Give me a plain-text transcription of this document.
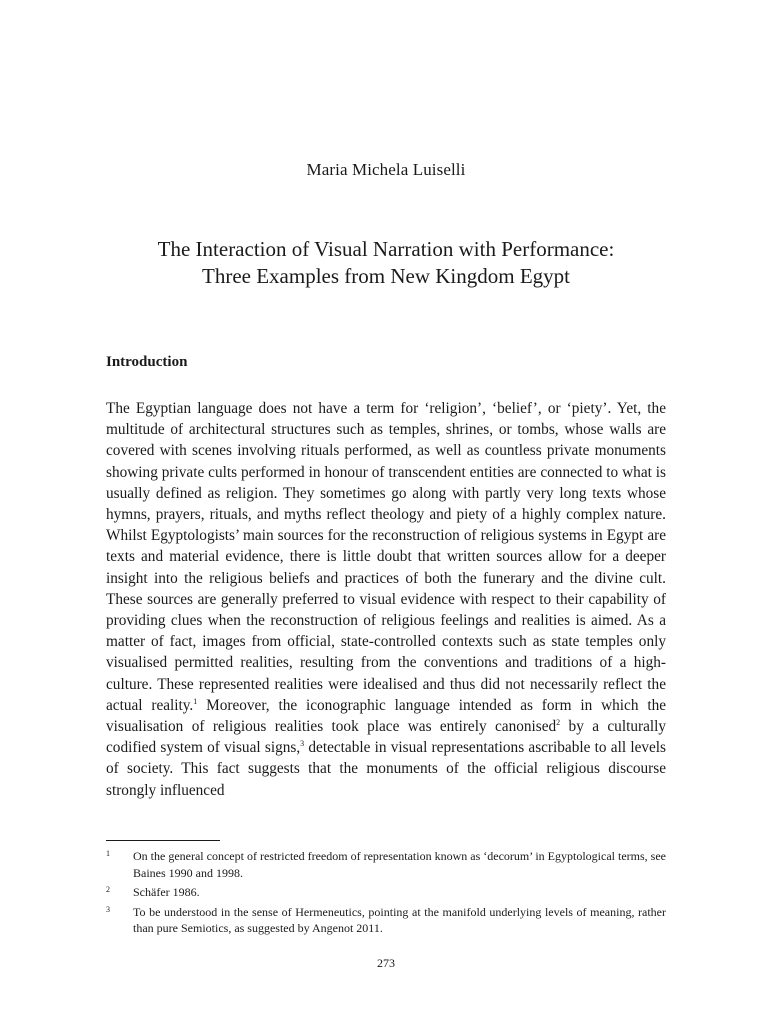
Maria Michela Luiselli
The Interaction of Visual Narration with Performance:
Three Examples from New Kingdom Egypt
Introduction
The Egyptian language does not have a term for ‘religion’, ‘belief’, or ‘piety’. Yet, the multitude of architectural structures such as temples, shrines, or tombs, whose walls are covered with scenes involving rituals performed, as well as countless private monuments showing private cults performed in honour of transcendent entities are connected to what is usually defined as religion. They sometimes go along with partly very long texts whose hymns, prayers, rituals, and myths reflect theology and piety of a highly complex nature. Whilst Egyptologists’ main sources for the reconstruction of religious systems in Egypt are texts and material evidence, there is little doubt that written sources allow for a deeper insight into the religious beliefs and practices of both the funerary and the divine cult. These sources are generally preferred to visual evidence with respect to their capability of providing clues when the reconstruction of religious feelings and realities is aimed. As a matter of fact, images from official, state-controlled contexts such as state temples only visualised permitted realities, resulting from the conventions and traditions of a high-culture. These represented realities were idealised and thus did not necessarily reflect the actual reality.$^1$ Moreover, the iconographic language intended as form in which the visualisation of religious realities took place was entirely canonised$^2$ by a culturally codified system of visual signs,$^3$ detectable in visual representations ascribable to all levels of society. This fact suggests that the monuments of the official religious discourse strongly influenced
1	On the general concept of restricted freedom of representation known as ‘decorum’ in Egyptological terms, see Baines 1990 and 1998.
2	Schäfer 1986.
3	To be understood in the sense of Hermeneutics, pointing at the manifold underlying levels of meaning, rather than pure Semiotics, as suggested by Angenot 2011.
273
